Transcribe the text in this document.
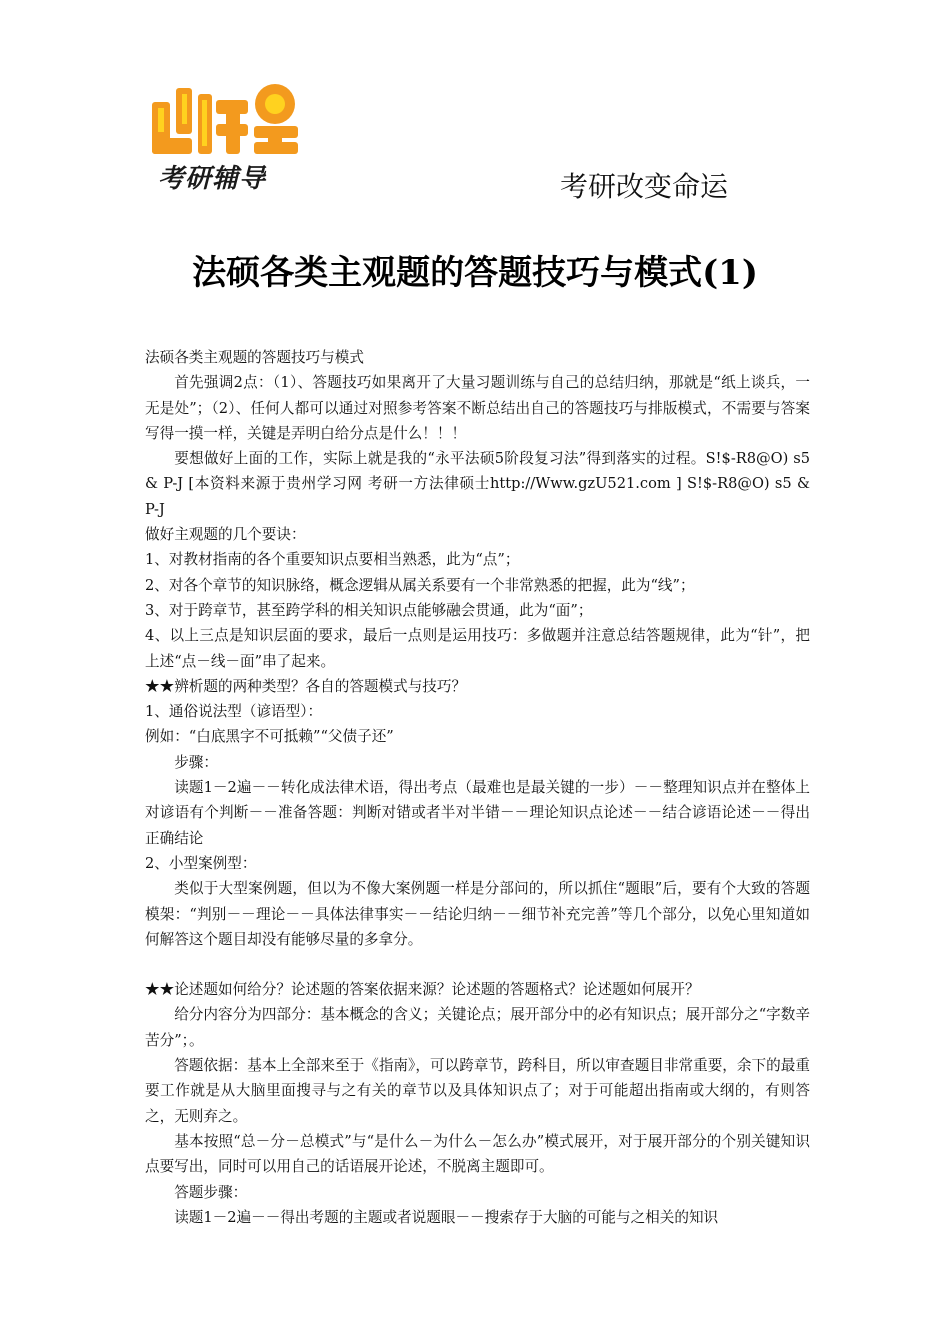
考研辅导	考研改变命运
法硕各类主观题的答题技巧与模式(1)

法硕各类主观题的答题技巧与模式

首先强调2点：（1）、答题技巧如果离开了大量习题训练与自己的总结归纳，那就是“纸上谈兵，一无是处”；（2）、任何人都可以通过对照参考答案不断总结出自己的答题技巧与排版模式，不需要与答案写得一摸一样，关键是弄明白给分点是什么！！！

要想做好上面的工作，实际上就是我的“永平法硕5阶段复习法”得到落实的过程。S!$-R8@O) s5 & P-J [本资料来源于贵州学习网 考研一方法律硕士http://Www.gzU521.com ] S!$-R8@O) s5 & P-J

做好主观题的几个要诀：

1、对教材指南的各个重要知识点要相当熟悉，此为“点”；

2、对各个章节的知识脉络，概念逻辑从属关系要有一个非常熟悉的把握，此为“线”；

3、对于跨章节，甚至跨学科的相关知识点能够融会贯通，此为“面”；

4、以上三点是知识层面的要求，最后一点则是运用技巧：多做题并注意总结答题规律，此为“针”，把上述“点－线－面”串了起来。

★★辨析题的两种类型？各自的答题模式与技巧？

1、通俗说法型（谚语型）：

例如：“白底黑字不可抵赖”“父债子还”

步骤：

读题1－2遍－－转化成法律术语，得出考点（最难也是最关键的一步）－－整理知识点并在整体上对谚语有个判断－－准备答题：判断对错或者半对半错－－理论知识点论述－－结合谚语论述－－得出正确结论

2、小型案例型：

类似于大型案例题，但以为不像大案例题一样是分部问的，所以抓住“题眼”后，要有个大致的答题模架：“判别－－理论－－具体法律事实－－结论归纳－－细节补充完善”等几个部分，以免心里知道如何解答这个题目却没有能够尽量的多拿分。

★★论述题如何给分？论述题的答案依据来源？论述题的答题格式？论述题如何展开？

给分内容分为四部分：基本概念的含义；关键论点；展开部分中的必有知识点；展开部分之“字数辛苦分”；。

答题依据：基本上全部来至于《指南》，可以跨章节，跨科目，所以审查题目非常重要，余下的最重要工作就是从大脑里面搜寻与之有关的章节以及具体知识点了；对于可能超出指南或大纲的，有则答之，无则弃之。

基本按照“总－分－总模式”与“是什么－为什么－怎么办”模式展开，对于展开部分的个别关键知识点要写出，同时可以用自己的话语展开论述，不脱离主题即可。

答题步骤：

读题1－2遍－－得出考题的主题或者说题眼－－搜索存于大脑的可能与之相关的知识
